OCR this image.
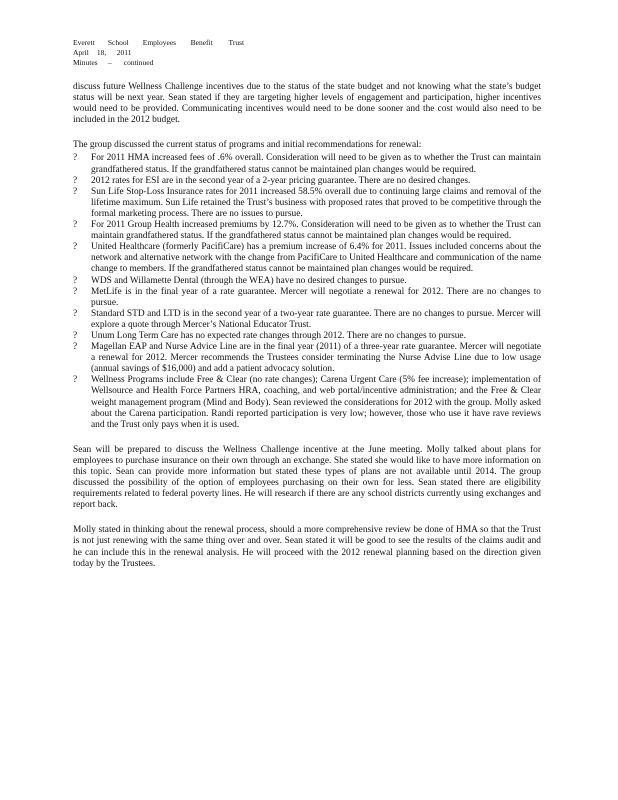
Everett School Employees Benefit Trust
April 18, 2011
Minutes – continued

discuss future Wellness Challenge incentives due to the status of the state budget and not knowing what the state’s budget status will be next year. Sean stated if they are targeting higher levels of engagement and participation, higher incentives would need to be provided. Communicating incentives would need to be done sooner and the cost would also need to be included in the 2012 budget.

The group discussed the current status of programs and initial recommendations for renewal:

?	For 2011 HMA increased fees of .6% overall. Consideration will need to be given as to whether the Trust can maintain grandfathered status. If the grandfathered status cannot be maintained plan changes would be required.
?	2012 rates for ESI are in the second year of a 2-year pricing guarantee. There are no desired changes.
?	Sun Life Stop-Loss Insurance rates for 2011 increased 58.5% overall due to continuing large claims and removal of the lifetime maximum. Sun Life retained the Trust’s business with proposed rates that proved to be competitive through the formal marketing process. There are no issues to pursue.
?	For 2011 Group Health increased premiums by 12.7%. Consideration will need to be given as to whether the Trust can maintain grandfathered status. If the grandfathered status cannot be maintained plan changes would be required.
?	United Healthcare (formerly PacifiCare) has a premium increase of 6.4% for 2011. Issues included concerns about the network and alternative network with the change from PacifiCare to United Healthcare and communication of the name change to members. If the grandfathered status cannot be maintained plan changes would be required.
?	WDS and Willamette Dental (through the WEA) have no desired changes to pursue.
?	MetLife is in the final year of a rate guarantee. Mercer will negotiate a renewal for 2012. There are no changes to pursue.
?	Standard STD and LTD is in the second year of a two-year rate guarantee. There are no changes to pursue. Mercer will explore a quote through Mercer’s National Educator Trust.
?	Unum Long Term Care has no expected rate changes through 2012. There are no changes to pursue.
?	Magellan EAP and Nurse Advice Line are in the final year (2011) of a three-year rate guarantee. Mercer will negotiate a renewal for 2012. Mercer recommends the Trustees consider terminating the Nurse Advise Line due to low usage (annual savings of $16,000) and add a patient advocacy solution.
?	Wellness Programs include Free & Clear (no rate changes); Carena Urgent Care (5% fee increase); implementation of Wellsource and Health Force Partners HRA, coaching, and web portal/incentive administration; and the Free & Clear weight management program (Mind and Body). Sean reviewed the considerations for 2012 with the group. Molly asked about the Carena participation. Randi reported participation is very low; however, those who use it have rave reviews and the Trust only pays when it is used.

Sean will be prepared to discuss the Wellness Challenge incentive at the June meeting. Molly talked about plans for employees to purchase insurance on their own through an exchange. She stated she would like to have more information on this topic. Sean can provide more information but stated these types of plans are not available until 2014. The group discussed the possibility of the option of employees purchasing on their own for less. Sean stated there are eligibility requirements related to federal poverty lines. He will research if there are any school districts currently using exchanges and report back.

Molly stated in thinking about the renewal process, should a more comprehensive review be done of HMA so that the Trust is not just renewing with the same thing over and over. Sean stated it will be good to see the results of the claims audit and he can include this in the renewal analysis. He will proceed with the 2012 renewal planning based on the direction given today by the Trustees.
